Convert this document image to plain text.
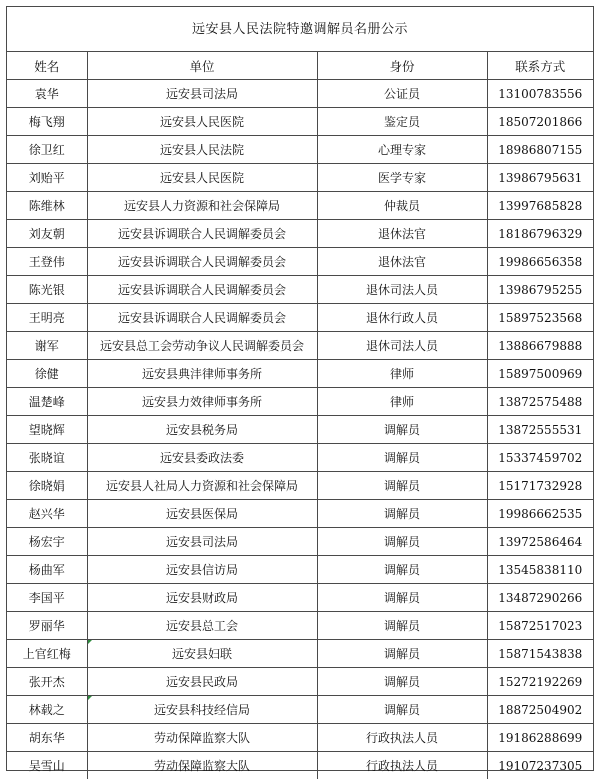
远安县人民法院特邀调解员名册公示
姓名	单位	身份	联系方式
袁华	远安县司法局	公证员	13100783556
梅飞翔	远安县人民医院	鉴定员	18507201866
徐卫红	远安县人民法院	心理专家	18986807155
刘贻平	远安县人民医院	医学专家	13986795631
陈维林	远安县人力资源和社会保障局	仲裁员	13997685828
刘友朝	远安县诉调联合人民调解委员会	退休法官	18186796329
王登伟	远安县诉调联合人民调解委员会	退休法官	19986656358
陈光银	远安县诉调联合人民调解委员会	退休司法人员	13986795255
王明亮	远安县诉调联合人民调解委员会	退休行政人员	15897523568
谢军	远安县总工会劳动争议人民调解委员会	退休司法人员	13886679888
徐健	远安县典沣律师事务所	律师	15897500969
温楚峰	远安县力效律师事务所	律师	13872575488
望晓辉	远安县税务局	调解员	13872555531
张晓谊	远安县委政法委	调解员	15337459702
徐晓娟	远安县人社局人力资源和社会保障局	调解员	15171732928
赵兴华	远安县医保局	调解员	19986662535
杨宏宇	远安县司法局	调解员	13972586464
杨曲军	远安县信访局	调解员	13545838110
李国平	远安县财政局	调解员	13487290266
罗丽华	远安县总工会	调解员	15872517023
上官红梅	远安县妇联	调解员	15871543838
张开杰	远安县民政局	调解员	15272192269
林载之	远安县科技经信局	调解员	18872504902
胡东华	劳动保障监察大队	行政执法人员	19186288699
吴雪山	劳动保障监察大队	行政执法人员	19107237305
